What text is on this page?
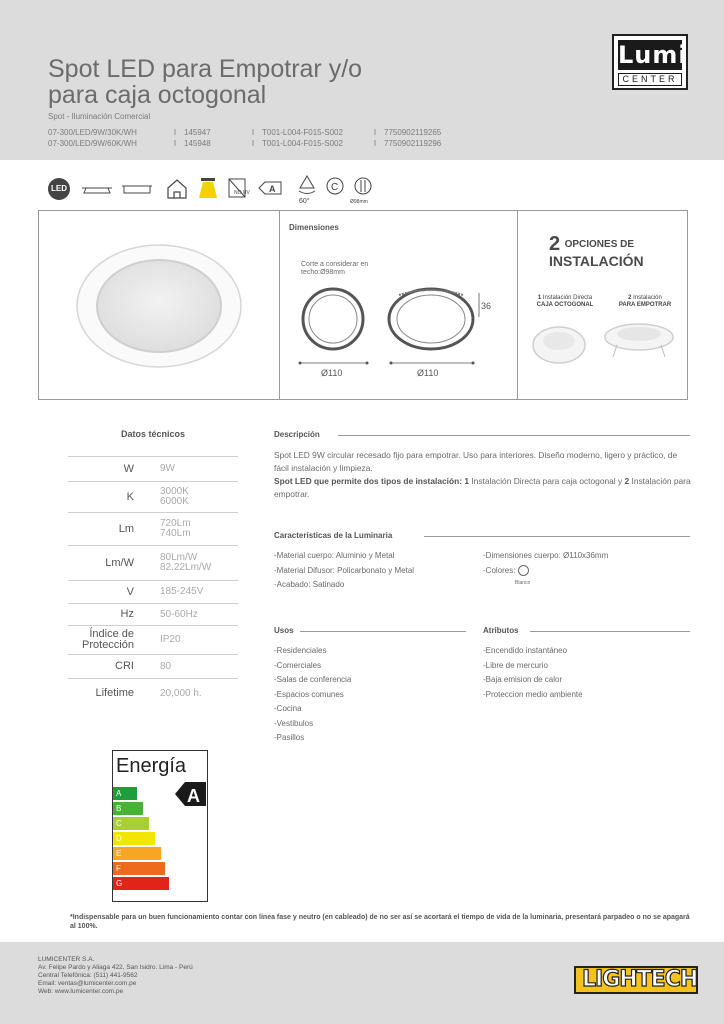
Spot LED para Empotrar y/o
para caja octogonal
Spot - Iluminación Comercial
07-300/LED/9W/30K/WH	I 145947	I T001-L004-F015-S002	I 7750902119265
07-300/LED/9W/60K/WH	I 145948	I T001-L004-F015-S002	I 7750902119296
Lumi
CENTER
LED	NO UV A
60°
C
Ø98mm
Dimensiones
Corte a considerar en techo:Ø98mm
36
Ø110	Ø110
2 $^{OPCIONES DE}$
INSTALACIÓN
1 Instalación Directa
CAJA OCTOGONAL
2 Instalación
PARA EMPOTRAR
Datos técnicos
W	9W
K	3000K
6000K
Lm	720Lm
740Lm
Lm/W	80Lm/W
82.22Lm/W
V	185-245V
Hz	50-60Hz
Índice de
Protección	IP20
CRI	80
Lifetime	20,000 h.
Descripción
Spot LED 9W circular recesado fijo para empotrar. Uso para interiores. Diseño moderno, ligero y práctico, de fácil instalación y limpieza.
Spot LED que permite dos tipos de instalación: 1 Instalación Directa para caja octogonal y 2 Instalación para empotrar.
Características de la Luminaria
-Material cuerpo: Aluminio y Metal
-Material Difusor: Policarbonato y Metal
-Acabado: Satinado
-Dimensiones cuerpo: Ø110x36mm
-Colores:
Blanco
Usos
-Residenciales
-Comerciales
-Salas de conferencia
-Espacios comunes
-Cocina
-Vestibulos
-Pasillos
Atributos
-Encendido instantáneo
-Libre de mercurio
-Baja emision de calor
-Proteccion medio ambiente
Energía
A
B
C
D
E
F
G
A
*Indispensable para un buen funcionamiento contar con línea fase y neutro (en cableado) de no ser así se acortará el tiempo de vida de la luminaria, presentará parpadeo o no se apagará al 100%.
LUMICENTER S.A.
Av. Felipe Pardo y Aliaga 422, San Isidro. Lima - Perú
Central Telefónica: (511) 441-9562
Email: ventas@lumicenter.com.pe
Web: www.lumicenter.com.pe	LIGHTECH
